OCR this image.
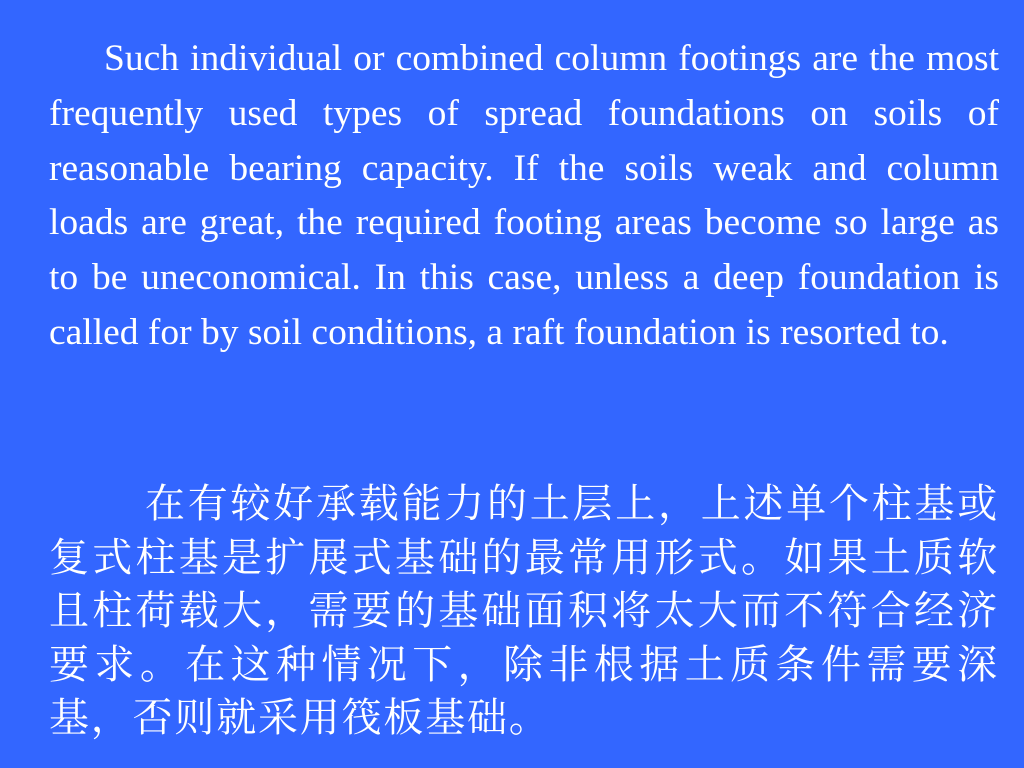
Such individual or combined column footings are the most frequently used types of spread foundations on soils of reasonable bearing capacity. If the soils weak and column loads are great, the required footing areas become so large as to be uneconomical. In this case, unless a deep foundation is called for by soil conditions, a raft foundation is resorted to.

在有较好承载能力的土层上，上述单个柱基或复式柱基是扩展式基础的最常用形式。如果土质软且柱荷载大，需要的基础面积将太大而不符合经济要求。在这种情况下，除非根据土质条件需要深基，否则就采用筏板基础。
